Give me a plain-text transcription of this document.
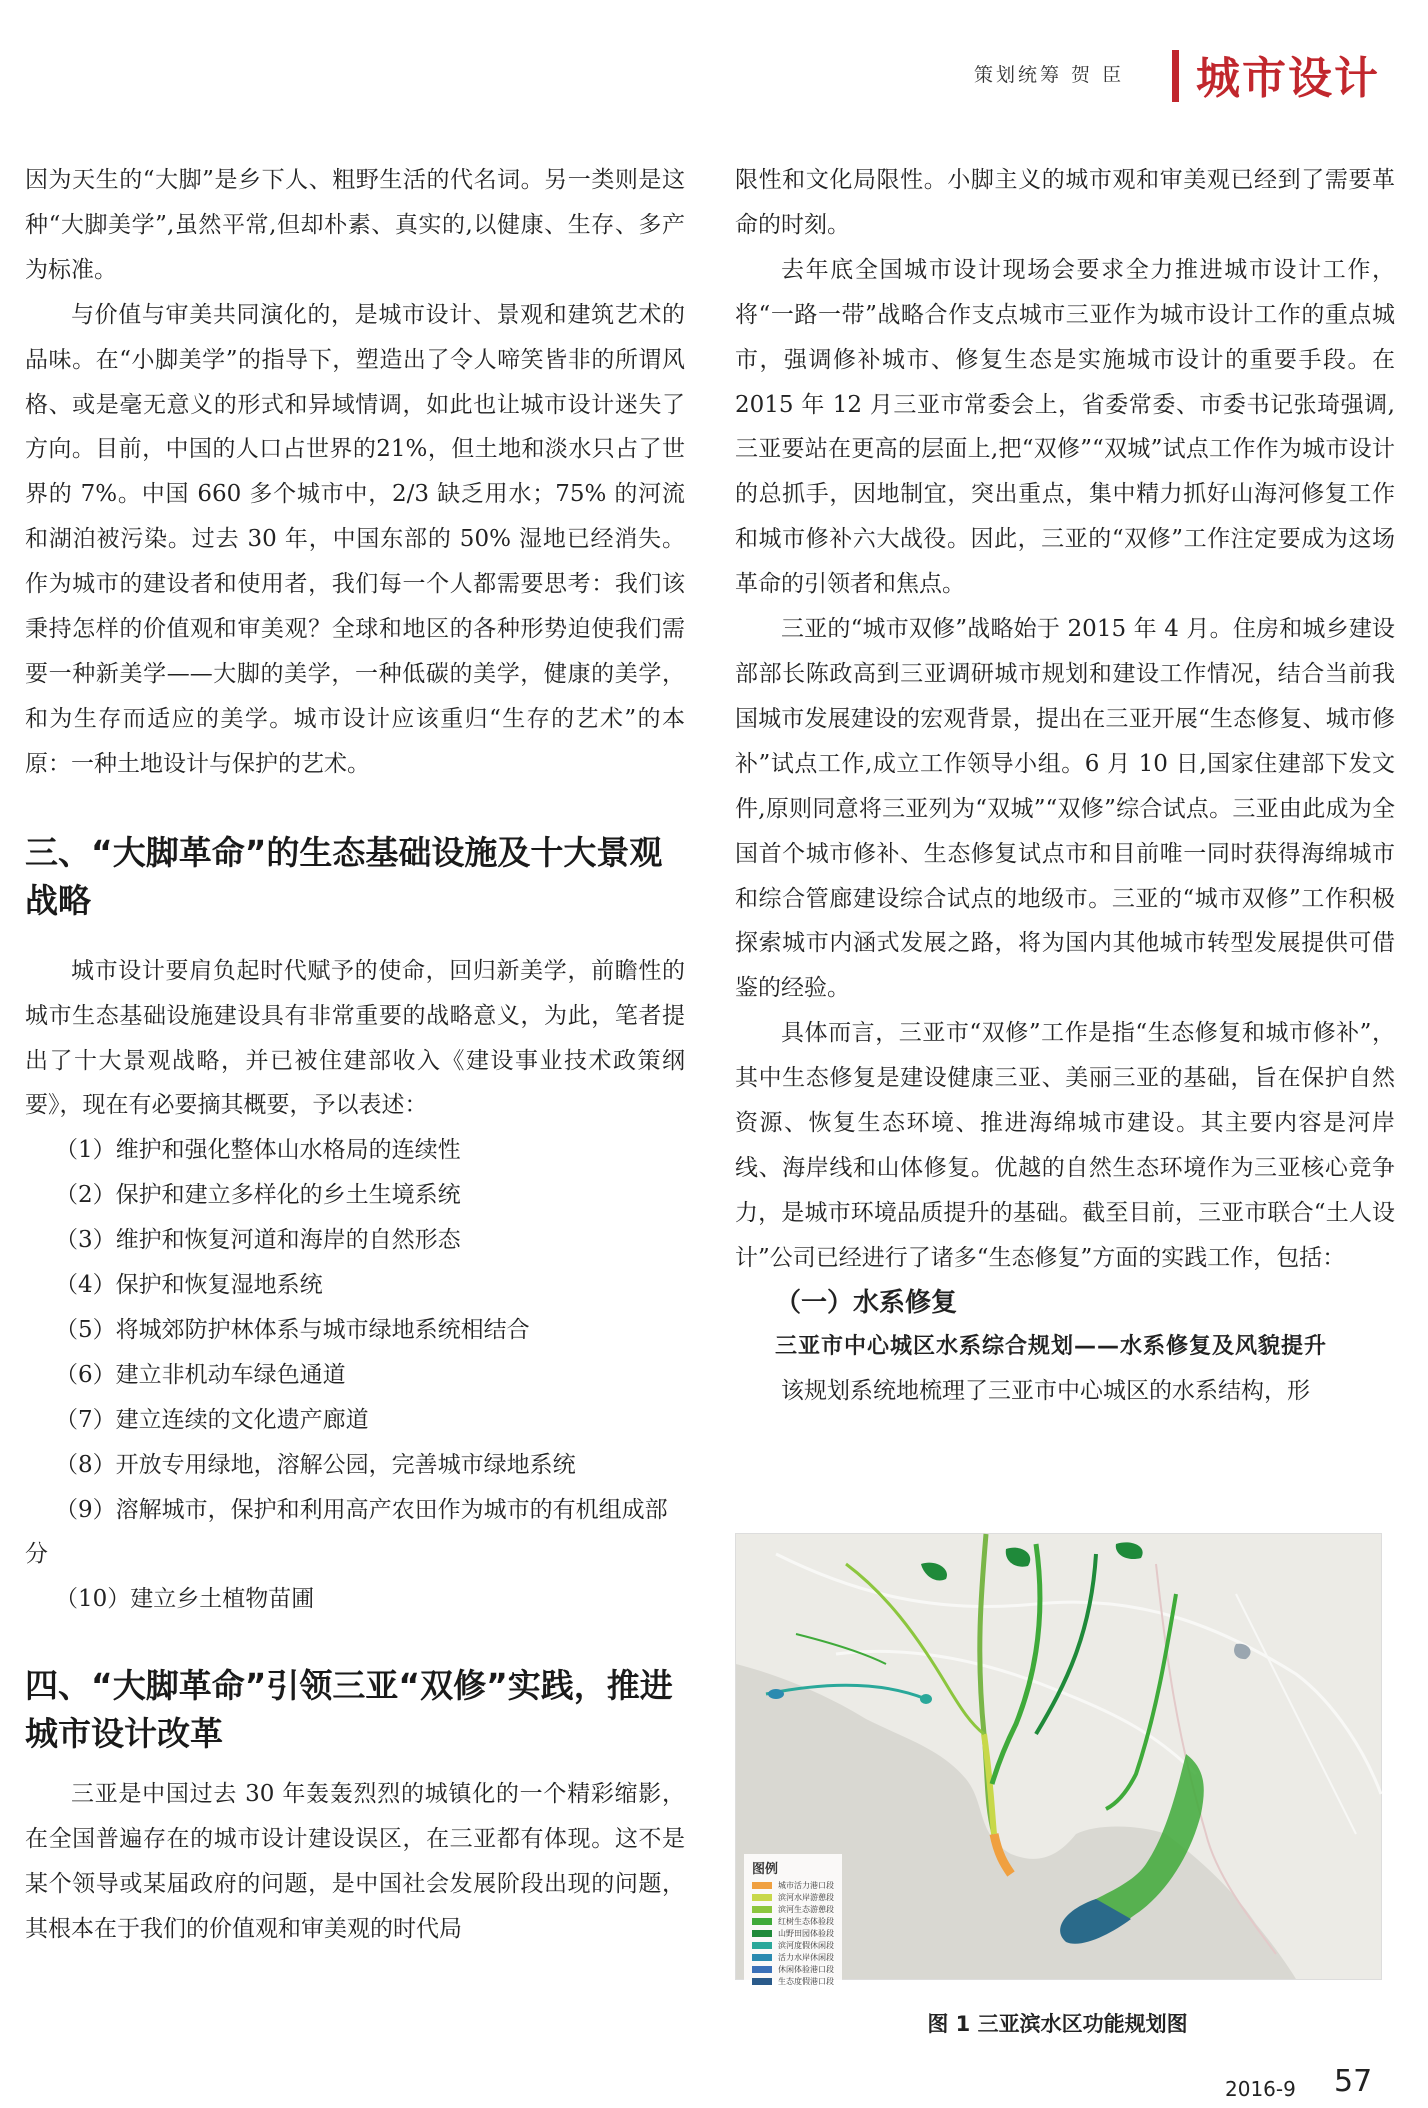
策划统筹 贺 臣 城市设计

因为天生的“大脚”是乡下人、粗野生活的代名词。另一类则是这种“大脚美学”,虽然平常,但却朴素、真实的,以健康、生存、多产为标准。

与价值与审美共同演化的，是城市设计、景观和建筑艺术的品味。在“小脚美学”的指导下，塑造出了令人啼笑皆非的所谓风格、或是毫无意义的形式和异域情调，如此也让城市设计迷失了方向。目前，中国的人口占世界的21%，但土地和淡水只占了世界的 7%。中国 660 多个城市中，2/3 缺乏用水；75% 的河流和湖泊被污染。过去 30 年，中国东部的 50% 湿地已经消失。作为城市的建设者和使用者，我们每一个人都需要思考：我们该秉持怎样的价值观和审美观？全球和地区的各种形势迫使我们需要一种新美学——大脚的美学，一种低碳的美学，健康的美学，和为生存而适应的美学。城市设计应该重归“生存的艺术”的本原：一种土地设计与保护的艺术。

三、“大脚革命”的生态基础设施及十大景观战略

城市设计要肩负起时代赋予的使命，回归新美学，前瞻性的城市生态基础设施建设具有非常重要的战略意义，为此，笔者提出了十大景观战略，并已被住建部收入《建设事业技术政策纲要》，现在有必要摘其概要，予以表述：

（1）维护和强化整体山水格局的连续性
（2）保护和建立多样化的乡土生境系统
（3）维护和恢复河道和海岸的自然形态
（4）保护和恢复湿地系统
（5）将城郊防护林体系与城市绿地系统相结合
（6）建立非机动车绿色通道
（7）建立连续的文化遗产廊道
（8）开放专用绿地，溶解公园，完善城市绿地系统
（9）溶解城市，保护和利用高产农田作为城市的有机组成部分
（10）建立乡土植物苗圃
四、“大脚革命”引领三亚“双修”实践，推进城市设计改革

三亚是中国过去 30 年轰轰烈烈的城镇化的一个精彩缩影，在全国普遍存在的城市设计建设误区，在三亚都有体现。这不是某个领导或某届政府的问题，是中国社会发展阶段出现的问题，其根本在于我们的价值观和审美观的时代局

限性和文化局限性。小脚主义的城市观和审美观已经到了需要革命的时刻。

去年底全国城市设计现场会要求全力推进城市设计工作，将“一路一带”战略合作支点城市三亚作为城市设计工作的重点城市，强调修补城市、修复生态是实施城市设计的重要手段。在 2015 年 12 月三亚市常委会上，省委常委、市委书记张琦强调,三亚要站在更高的层面上,把“双修”“双城”试点工作作为城市设计的总抓手，因地制宜，突出重点，集中精力抓好山海河修复工作和城市修补六大战役。因此，三亚的“双修”工作注定要成为这场革命的引领者和焦点。

三亚的“城市双修”战略始于 2015 年 4 月。住房和城乡建设部部长陈政高到三亚调研城市规划和建设工作情况，结合当前我国城市发展建设的宏观背景，提出在三亚开展“生态修复、城市修补”试点工作,成立工作领导小组。6 月 10 日,国家住建部下发文件,原则同意将三亚列为“双城”“双修”综合试点。三亚由此成为全国首个城市修补、生态修复试点市和目前唯一同时获得海绵城市和综合管廊建设综合试点的地级市。三亚的“城市双修”工作积极探索城市内涵式发展之路，将为国内其他城市转型发展提供可借鉴的经验。

具体而言，三亚市“双修”工作是指“生态修复和城市修补”，其中生态修复是建设健康三亚、美丽三亚的基础，旨在保护自然资源、恢复生态环境、推进海绵城市建设。其主要内容是河岸线、海岸线和山体修复。优越的自然生态环境作为三亚核心竞争力，是城市环境品质提升的基础。截至目前，三亚市联合“土人设计”公司已经进行了诸多“生态修复”方面的实践工作，包括：

（一）水系修复
三亚市中心城区水系综合规划——水系修复及风貌提升

该规划系统地梳理了三亚市中心城区的水系结构，形

图例
城市活力港口段
滨河水岸游憩段
滨河生态游憩段
红树生态体验段
山野田园体验段
滨河度假休闲段
活力水岸休闲段
休闲体验港口段
生态度假港口段
图 1 三亚滨水区功能规划图
2016-9 57
